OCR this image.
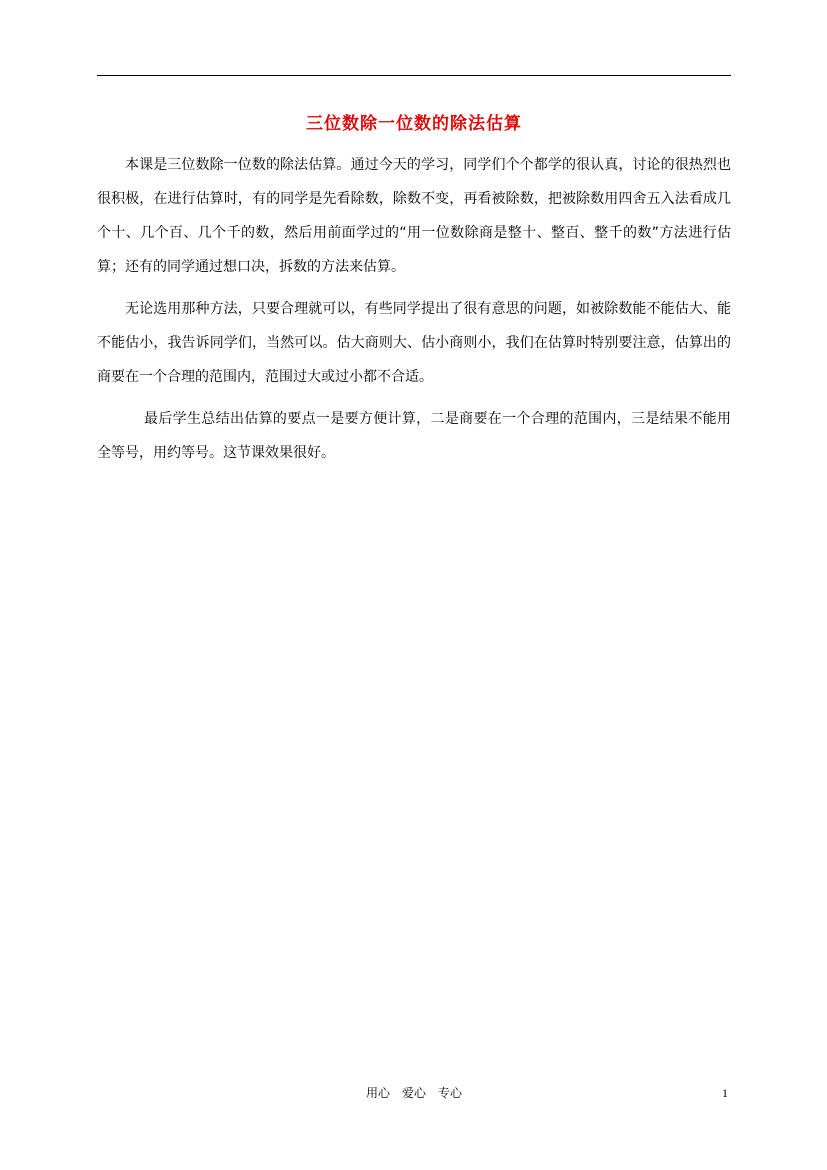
三位数除一位数的除法估算

本课是三位数除一位数的除法估算。通过今天的学习，同学们个个都学的很认真，讨论的很热烈也很积极，在进行估算时，有的同学是先看除数，除数不变，再看被除数，把被除数用四舍五入法看成几个十、几个百、几个千的数，然后用前面学过的“用一位数除商是整十、整百、整千的数”方法进行估算；还有的同学通过想口决，拆数的方法来估算。

无论选用那种方法，只要合理就可以，有些同学提出了很有意思的问题，如被除数能不能估大、能不能估小，我告诉同学们，当然可以。估大商则大、估小商则小，我们在估算时特别要注意，估算出的商要在一个合理的范围内，范围过大或过小都不合适。

最后学生总结出估算的要点一是要方便计算，二是商要在一个合理的范围内，三是结果不能用全等号，用约等号。这节课效果很好。

用心　爱心　专心	1
